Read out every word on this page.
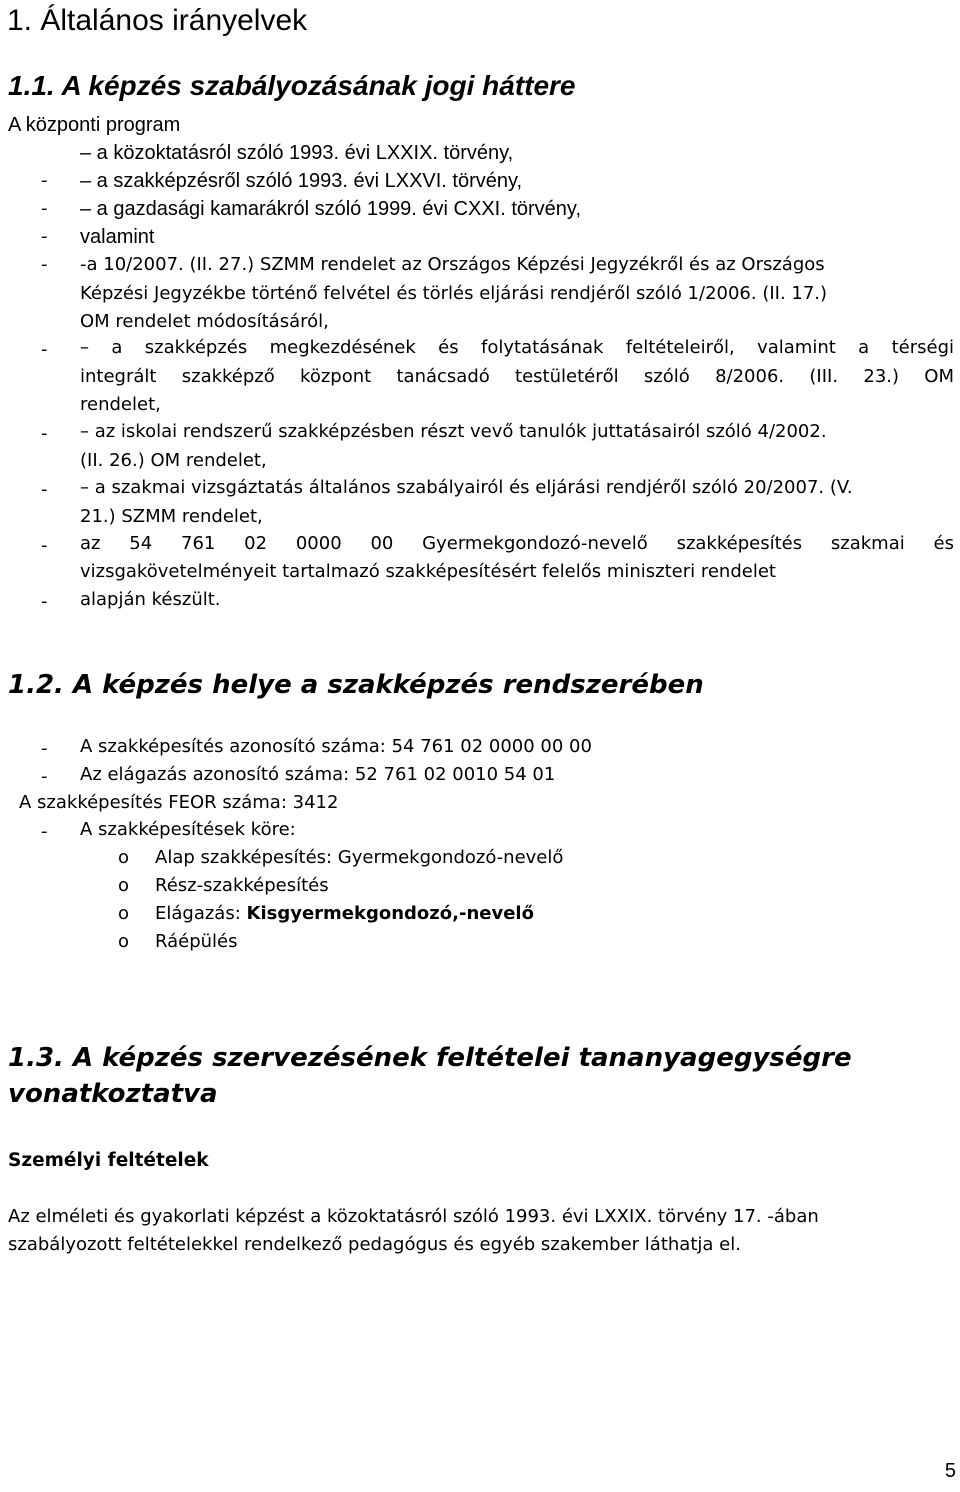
1. Általános irányelvek
1.1. A képzés szabályozásának jogi háttere
A központi program
– a közoktatásról szóló 1993. évi LXXIX. törvény,
- – a szakképzésről szóló 1993. évi LXXVI. törvény,
- – a gazdasági kamarákról szóló 1999. évi CXXI. törvény,
- valamint
- -a 10/2007. (II. 27.) SZMM rendelet az Országos Képzési Jegyzékről és az Országos
Képzési Jegyzékbe történő felvétel és törlés eljárási rendjéről szóló 1/2006. (II. 17.)
OM rendelet módosításáról,
- – a szakképzés megkezdésének és folytatásának feltételeiről, valamint a térségi
integrált szakképző központ tanácsadó testületéről szóló 8/2006. (III. 23.) OM
rendelet,
- – az iskolai rendszerű szakképzésben részt vevő tanulók juttatásairól szóló 4/2002.
(II. 26.) OM rendelet,
- – a szakmai vizsgáztatás általános szabályairól és eljárási rendjéről szóló 20/2007. (V.
21.) SZMM rendelet,
- az 54 761 02 0000 00 Gyermekgondozó-nevelő szakképesítés szakmai és
vizsgakövetelményeit tartalmazó szakképesítésért felelős miniszteri rendelet
- alapján készült.
1.2. A képzés helye a szakképzés rendszerében
- A szakképesítés azonosító száma: 54 761 02 0000 00 00
- Az elágazás azonosító száma: 52 761 02 0010 54 01
A szakképesítés FEOR száma: 3412
- A szakképesítések köre:
o Alap szakképesítés: Gyermekgondozó-nevelő
o Rész-szakképesítés
o Elágazás: Kisgyermekgondozó,-nevelő
o Ráépülés
1.3. A képzés szervezésének feltételei tananyagegységre
vonatkoztatva
Személyi feltételek
Az elméleti és gyakorlati képzést a közoktatásról szóló 1993. évi LXXIX. törvény 17. -ában
szabályozott feltételekkel rendelkező pedagógus és egyéb szakember láthatja el.
5
